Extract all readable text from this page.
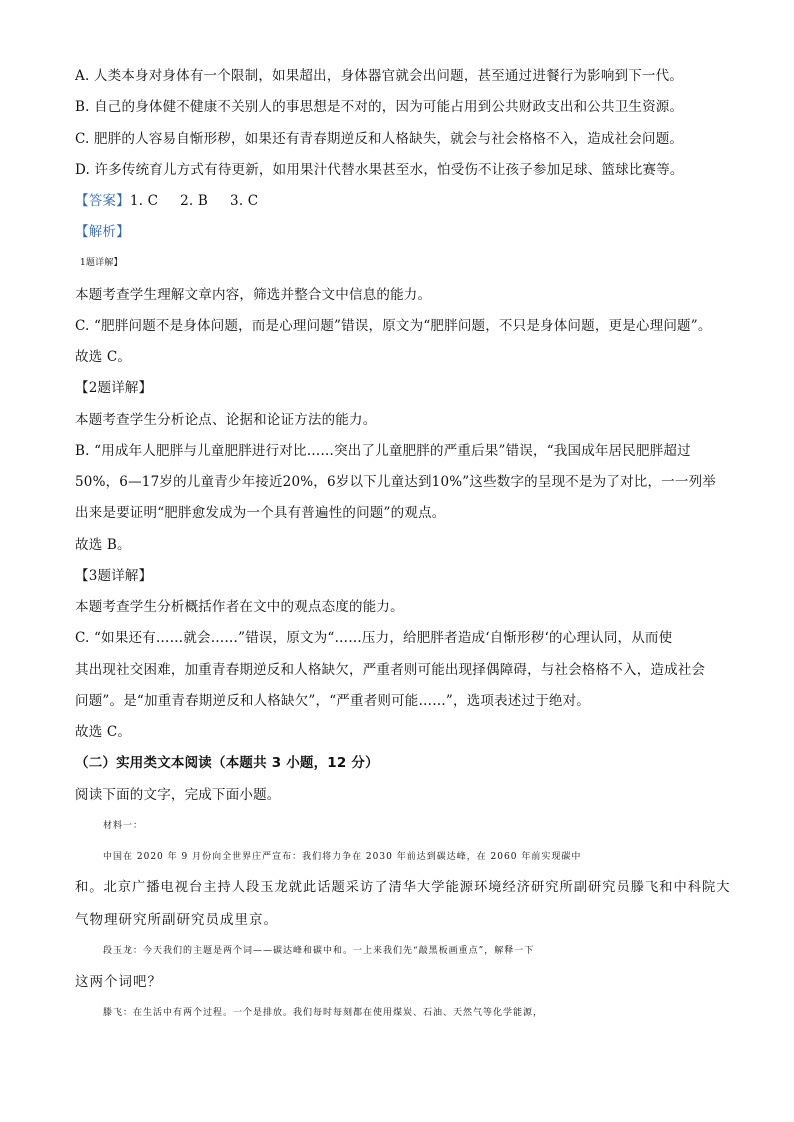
A. 人类本身对身体有一个限制，如果超出，身体器官就会出问题，甚至通过进餐行为影响到下一代。
B. 自己的身体健不健康不关别人的事思想是不对的，因为可能占用到公共财政支出和公共卫生资源。
C. 肥胖的人容易自惭形秽，如果还有青春期逆反和人格缺失，就会与社会格格不入，造成社会问题。
D. 许多传统育儿方式有待更新，如用果汁代替水果甚至水，怕受伤不让孩子参加足球、篮球比赛等。
【答案】1. C 2. B 3. C
【解析】
1题详解】
本题考查学生理解文章内容，筛选并整合文中信息的能力。
C. “肥胖问题不是身体问题，而是心理问题”错误，原文为“肥胖问题，不只是身体问题，更是心理问题”。
故选 C。
【2题详解】
本题考查学生分析论点、论据和论证方法的能力。
B. “用成年人肥胖与儿童肥胖进行对比……突出了儿童肥胖的严重后果”错误，“我国成年居民肥胖超过
50%，6—17岁的儿童青少年接近20%，6岁以下儿童达到10%”这些数字的呈现不是为了对比，一一列举
出来是要证明“肥胖愈发成为一个具有普遍性的问题”的观点。
故选 B。
【3题详解】
本题考查学生分析概括作者在文中的观点态度的能力。
C. “如果还有……就会……”错误，原文为“……压力，给肥胖者造成‘自惭形秽‘的心理认同，从而使
其出现社交困难，加重青春期逆反和人格缺欠，严重者则可能出现择偶障碍，与社会格格不入，造成社会
问题”。是“加重青春期逆反和人格缺欠”，“严重者则可能……”，选项表述过于绝对。
故选 C。
（二）实用类文本阅读（本题共 3 小题，12 分）
阅读下面的文字，完成下面小题。
材料一：
中国在 2020 年 9 月份向全世界庄严宣布：我们将力争在 2030 年前达到碳达峰，在 2060 年前实现碳中
和。北京广播电视台主持人段玉龙就此话题采访了清华大学能源环境经济研究所副研究员滕飞和中科院大
气物理研究所副研究员成里京。
段玉龙：今天我们的主题是两个词——碳达峰和碳中和。一上来我们先“敲黑板画重点”，解释一下
这两个词吧？
滕飞：在生活中有两个过程。一个是排放。我们每时每刻都在使用煤炭、石油、天然气等化学能源，
